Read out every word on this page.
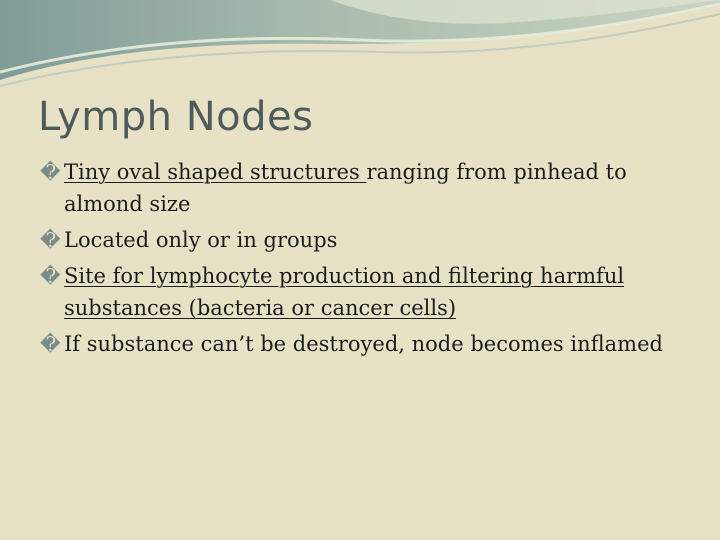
Lymph Nodes
� Tiny oval shaped structures ranging from pinhead to almond size
� Located only or in groups
� Site for lymphocyte production and filtering harmful substances (bacteria or cancer cells)
� If substance can’t be destroyed, node becomes inflamed
